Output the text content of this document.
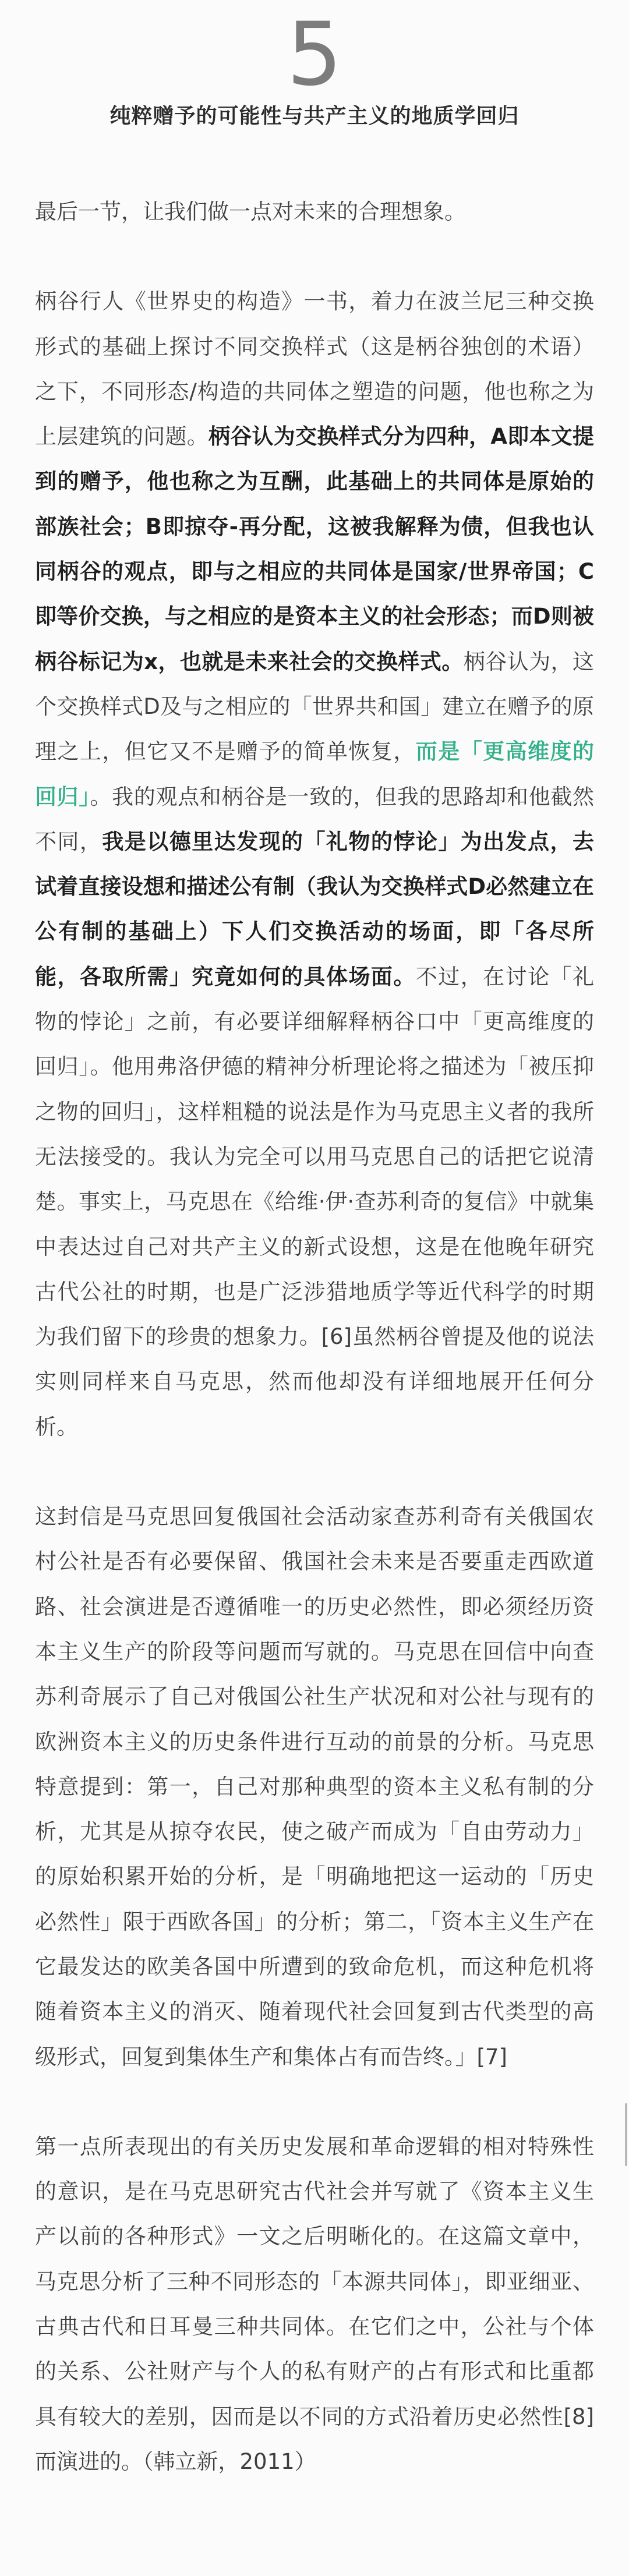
5
纯粹赠予的可能性与共产主义的地质学回归

最后一节，让我们做一点对未来的合理想象。

柄谷行人《世界史的构造》一书，着力在波兰尼三种交换形式的基础上探讨不同交换样式（这是柄谷独创的术语）之下，不同形态/构造的共同体之塑造的问题，他也称之为上层建筑的问题。柄谷认为交换样式分为四种，A即本文提到的赠予，他也称之为互酬，此基础上的共同体是原始的部族社会；B即掠夺-再分配，这被我解释为债，但我也认同柄谷的观点，即与之相应的共同体是国家/世界帝国；C即等价交换，与之相应的是资本主义的社会形态；而D则被柄谷标记为x，也就是未来社会的交换样式。柄谷认为，这个交换样式D及与之相应的「世界共和国」建立在赠予的原理之上，但它又不是赠予的简单恢复，而是「更高维度的回归」。我的观点和柄谷是一致的，但我的思路却和他截然不同，我是以德里达发现的「礼物的悖论」为出发点，去试着直接设想和描述公有制（我认为交换样式D必然建立在公有制的基础上）下人们交换活动的场面，即「各尽所能，各取所需」究竟如何的具体场面。不过，在讨论「礼物的悖论」之前，有必要详细解释柄谷口中「更高维度的回归」。他用弗洛伊德的精神分析理论将之描述为「被压抑之物的回归」，这样粗糙的说法是作为马克思主义者的我所无法接受的。我认为完全可以用马克思自己的话把它说清楚。事实上，马克思在《给维·伊·查苏利奇的复信》中就集中表达过自己对共产主义的新式设想，这是在他晚年研究古代公社的时期，也是广泛涉猎地质学等近代科学的时期为我们留下的珍贵的想象力。[6]虽然柄谷曾提及他的说法实则同样来自马克思，然而他却没有详细地展开任何分析。

这封信是马克思回复俄国社会活动家查苏利奇有关俄国农村公社是否有必要保留、俄国社会未来是否要重走西欧道路、社会演进是否遵循唯一的历史必然性，即必须经历资本主义生产的阶段等问题而写就的。马克思在回信中向查苏利奇展示了自己对俄国公社生产状况和对公社与现有的欧洲资本主义的历史条件进行互动的前景的分析。马克思特意提到：第一，自己对那种典型的资本主义私有制的分析，尤其是从掠夺农民，使之破产而成为「自由劳动力」的原始积累开始的分析，是「明确地把这一运动的「历史必然性」限于西欧各国」的分析；第二，「资本主义生产在它最发达的欧美各国中所遭到的致命危机，而这种危机将随着资本主义的消灭、随着现代社会回复到古代类型的高级形式，回复到集体生产和集体占有而告终。」[7]

第一点所表现出的有关历史发展和革命逻辑的相对特殊性的意识，是在马克思研究古代社会并写就了《资本主义生产以前的各种形式》一文之后明晰化的。在这篇文章中，马克思分析了三种不同形态的「本源共同体」，即亚细亚、古典古代和日耳曼三种共同体。在它们之中，公社与个体的关系、公社财产与个人的私有财产的占有形式和比重都具有较大的差别，因而是以不同的方式沿着历史必然性[8]而演进的。（韩立新，2011）
